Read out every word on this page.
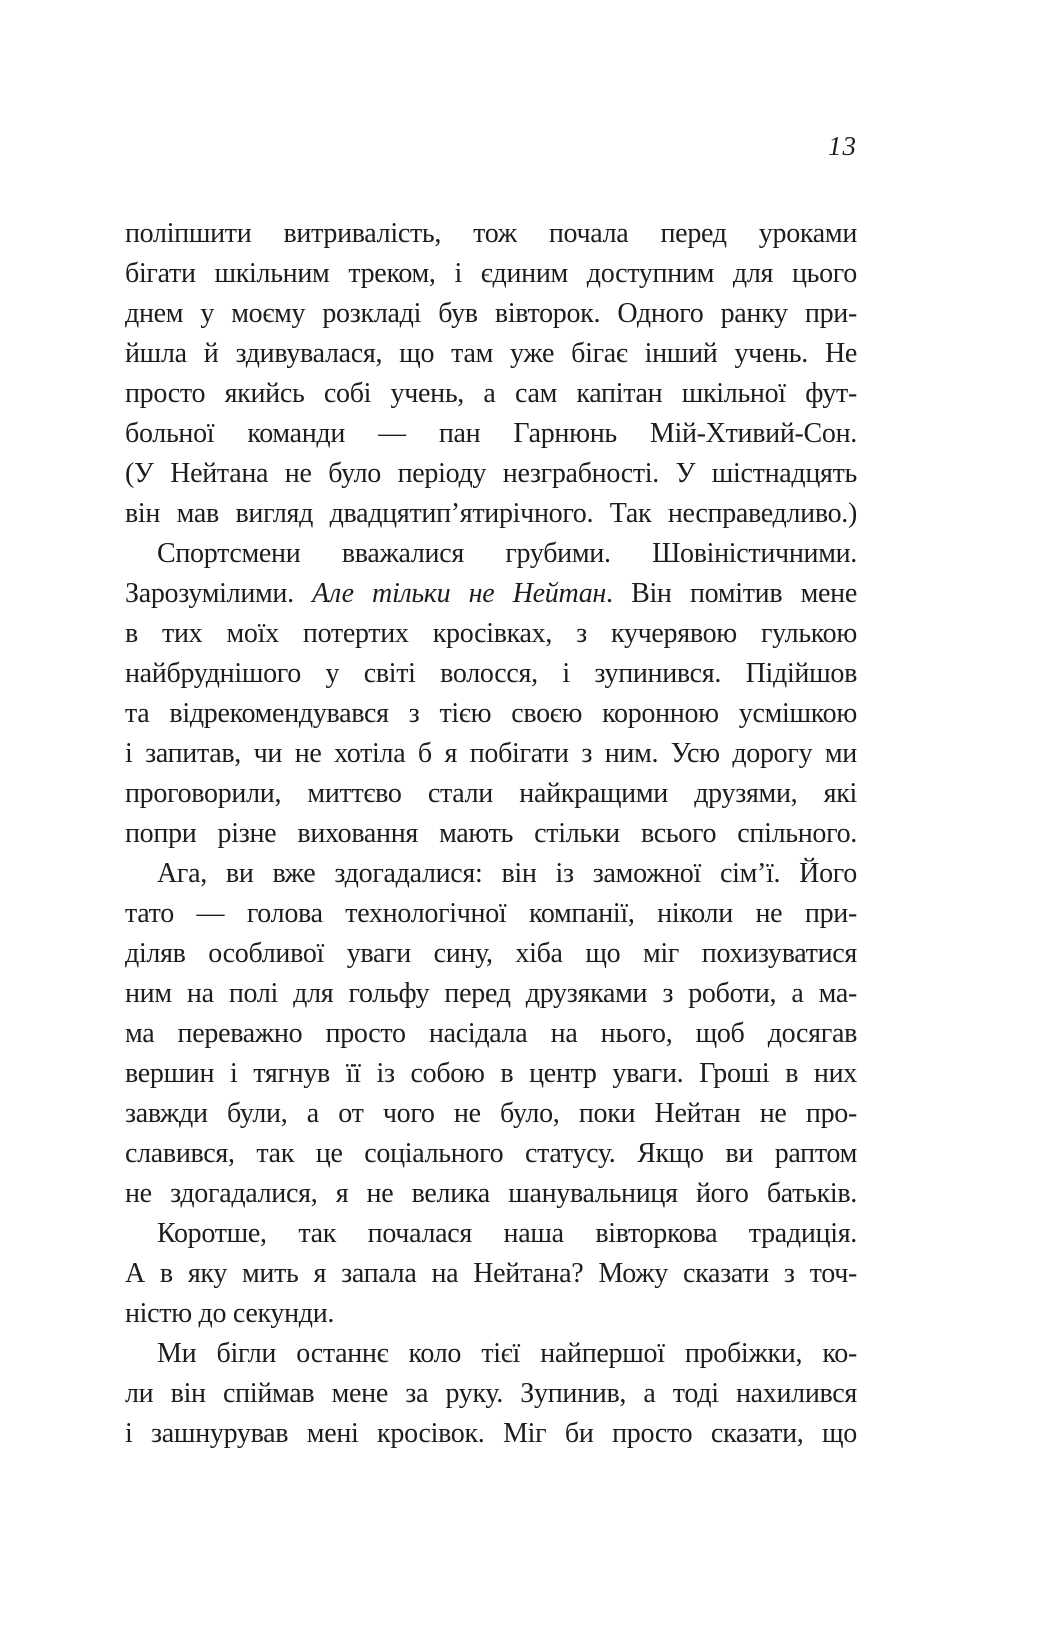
13
поліпшити витривалість, тож почала перед уроками
бігати шкільним треком, і єдиним доступним для цього
днем у моєму розкладі був вівторок. Одного ранку при-
йшла й здивувалася, що там уже бігає інший учень. Не
просто якийсь собі учень, а сам капітан шкільної фут-
больної команди — пан Гарнюнь Мій-Хтивий-Сон.
(У Нейтана не було періоду незграбності. У шістнадцять
він мав вигляд двадцятип’ятирічного. Так несправедливо.)
Спортсмени вважалися грубими. Шовіністичними.
Зарозумілими. Але тільки не Нейтан. Він помітив мене
в тих моїх потертих кросівках, з кучерявою гулькою
найбруднішого у світі волосся, і зупинився. Підійшов
та відрекомендувався з тією своєю коронною усмішкою
і запитав, чи не хотіла б я побігати з ним. Усю дорогу ми
проговорили, миттєво стали найкращими друзями, які
попри різне виховання мають стільки всього спільного.
Ага, ви вже здогадалися: він із заможної сім’ї. Його
тато — голова технологічної компанії, ніколи не при-
діляв особливої уваги сину, хіба що міг похизуватися
ним на полі для гольфу перед друзяками з роботи, а ма-
ма переважно просто насідала на нього, щоб досягав
вершин і тягнув її із собою в центр уваги. Гроші в них
завжди були, а от чого не було, поки Нейтан не про-
славився, так це соціального статусу. Якщо ви раптом
не здогадалися, я не велика шанувальниця його батьків.
Коротше, так почалася наша вівторкова традиція.
А в яку мить я запала на Нейтана? Можу сказати з точ-
ністю до секунди.
Ми бігли останнє коло тієї найпершої пробіжки, ко-
ли він спіймав мене за руку. Зупинив, а тоді нахилився
і зашнурував мені кросівок. Міг би просто сказати, що
